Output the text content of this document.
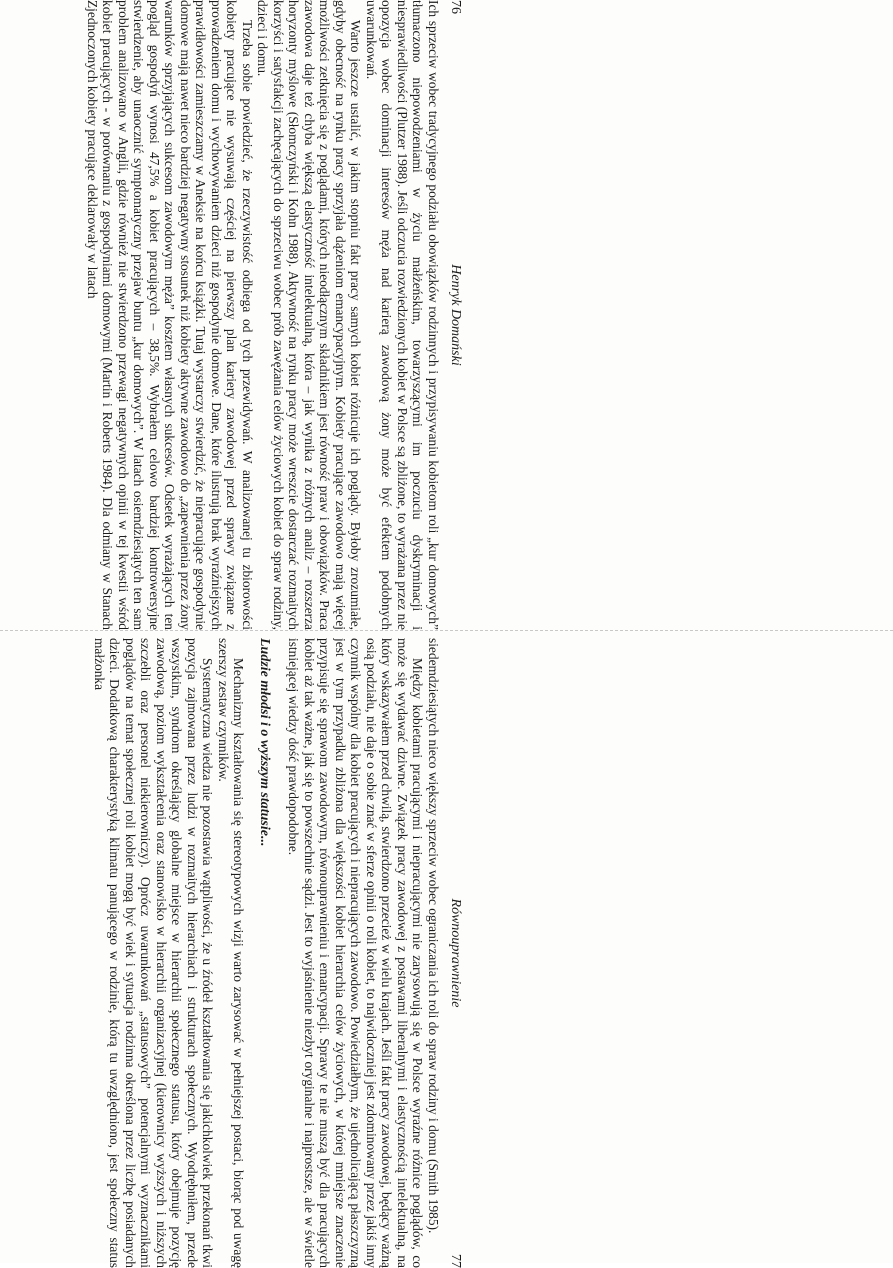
76
Henryk Domański

Ich sprzeciw wobec tradycyjnego podziału obowiązków rodzinnych i przypisywaniu kobietom roli „kur domowych” tłumaczono niepowodzeniami w życiu małżeńskim, towarzyszącymi im poczuciu dyskryminacji i niesprawiedliwości (Plutzer 1988). Jeśli odczucia rozwiedzionych kobiet w Polsce są zbliżone, to wyrażana przez nie opozycja wobec dominacji interesów męża nad karierą zawodową żony może być efektem podobnych uwarunkowań.

Warto jeszcze ustalić, w jakim stopniu fakt pracy samych kobiet różnicuje ich poglądy. Byłoby zrozumiałe, gdyby obecność na rynku pracy sprzyjała dążeniom emancypacyjnym. Kobiety pracujące zawodowo mają więcej możliwości zetknięcia się z poglądami, których nieodłącznym składnikiem jest równość praw i obowiązków. Praca zawodowa daje też chyba większą elastyczność intelektualną, która – jak wynika z różnych analiz – rozszerza horyzonty myślowe (Słomczyński i Kohn 1988). Aktywność na rynku pracy może wreszcie dostarczać rozmaitych korzyści i satysfakcji zachęcających do sprzeciwu wobec prób zawężania celów życiowych kobiet do spraw rodziny, dzieci i domu.

Trzeba sobie powiedzieć, że rzeczywistość odbiega od tych przewidywań. W analizowanej tu zbiorowości kobiety pracujące nie wysuwają częściej na pierwszy plan kariery zawodowej przed sprawy związane z prowadzeniem domu i wychowywaniem dzieci niż gospodynie domowe. Dane, które ilustrują brak wyraźniejszych prawidłowości zamieszczamy w Aneksie na końcu książki. Tutaj wystarczy stwierdzić, że niepracujące gospodynie domowe mają nawet nieco bardziej negatywny stosunek niż kobiety aktywne zawodowo do „zapewnienia przez żony warunków sprzyjających sukcesom zawodowym męża” kosztem własnych sukcesów. Odsetek wyrażających ten pogląd gospodyń wynosi 47,5% a kobiet pracujących – 38,5%. Wybrałem celowo bardziej kontrowersyjne stwierdzenie, aby unaocznić symptomatyczny przejaw buntu „kur domowych”. W latach osiemdziesiątych ten sam problem analizowano w Anglii, gdzie również nie stwierdzono przewagi negatywnych opinii w tej kwestii wśród kobiet pracujących - w porównaniu z gospodyniami domowymi (Martin i Roberts 1984). Dla odmiany w Stanach Zjednoczonych kobiety pracujące deklarowały w latach

Równouprawnienie
77

siedemdziesiątych nieco większy sprzeciw wobec ograniczania ich roli do spraw rodziny i domu (Smith 1985).

Między kobietami pracującymi i niepracującymi nie zarysowują się w Polsce wyraźne różnice poglądów, co może się wydawać dziwne. Związek pracy zawodowej z postawami liberalnymi i elastycznością intelektualną, na który wskazywałem przed chwilą, stwierdzono przecież w wielu krajach. Jeśli fakt pracy zawodowej, będący ważną osią podziału, nie daje o sobie znać w sferze opinii o roli kobiet, to najwidoczniej jest zdominowany przez jakiś inny czynnik wspólny dla kobiet pracujących i niepracujących zawodowo. Powiedziałbym, że ujednolicającą płaszczyzną jest w tym przypadku zbliżona dla większości kobiet hierarchia celów życiowych, w której mniejsze znaczenie przypisuje się sprawom zawodowym, równouprawnieniu i emancypacji. Sprawy te nie muszą być dla pracujących kobiet aż tak ważne, jak się to powszechnie sądzi. Jest to wyjaśnienie niezbyt oryginalne i najprostsze, ale w świetle istniejącej wiedzy dość prawdopodobne.

Ludzie młodsi i o wyższym statusie...

Mechanizmy kształtowania się stereotypowych wizji warto zarysować w pełniejszej postaci, biorąc pod uwagę szerszy zestaw czynników.

Systematyczna wiedza nie pozostawia wątpliwości, że u źródeł kształtowania się jakichkolwiek przekonań tkwi pozycja zajmowana przez ludzi w rozmaitych hierarchiach i strukturach społecznych. Wyodrębniłem, przede wszystkim, syndrom określający globalne miejsce w hierarchii społecznego statusu, który obejmuje pozycję zawodową, poziom wykształcenia oraz stanowisko w hierarchii organizacyjnej (kierownicy wyższych i niższych szczebli oraz personel niekierowniczy). Oprócz uwarunkowań „statusowych” potencjalnymi wyznacznikami poglądów na temat społecznej roli kobiet mogą być wiek i sytuacja rodzinna określona przez liczbę posiadanych dzieci. Dodatkową charakterystyką klimatu panującego w rodzinie, którą tu uwzględniono, jest społeczny status małżonka
